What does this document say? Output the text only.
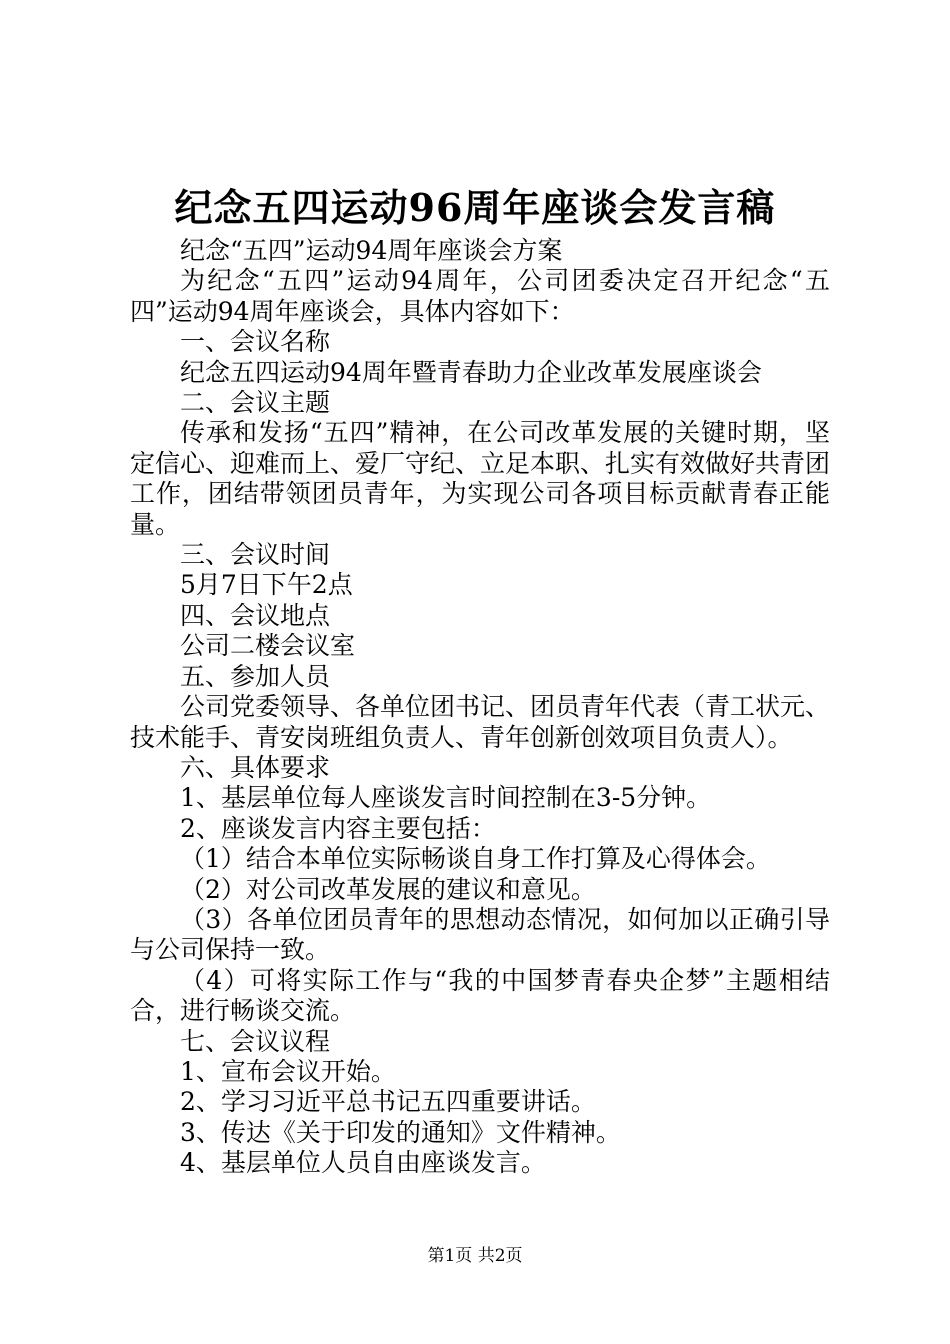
纪念五四运动96周年座谈会发言稿

纪念“五四”运动94周年座谈会方案

为纪念“五四”运动94周年，公司团委决定召开纪念“五四”运动94周年座谈会，具体内容如下：

一、会议名称

纪念五四运动94周年暨青春助力企业改革发展座谈会

二、会议主题

传承和发扬“五四”精神，在公司改革发展的关键时期，坚定信心、迎难而上、爱厂守纪、立足本职、扎实有效做好共青团工作，团结带领团员青年，为实现公司各项目标贡献青春正能量。

三、会议时间

5月7日下午2点

四、会议地点

公司二楼会议室

五、参加人员

公司党委领导、各单位团书记、团员青年代表（青工状元、技术能手、青安岗班组负责人、青年创新创效项目负责人）。

六、具体要求

1、基层单位每人座谈发言时间控制在3-5分钟。

2、座谈发言内容主要包括：

（1）结合本单位实际畅谈自身工作打算及心得体会。

（2）对公司改革发展的建议和意见。

（3）各单位团员青年的思想动态情况，如何加以正确引导与公司保持一致。

（4）可将实际工作与“我的中国梦青春央企梦”主题相结合，进行畅谈交流。

七、会议议程

1、宣布会议开始。

2、学习习近平总书记五四重要讲话。

3、传达《关于印发的通知》文件精神。

4、基层单位人员自由座谈发言。

第1页 共2页
